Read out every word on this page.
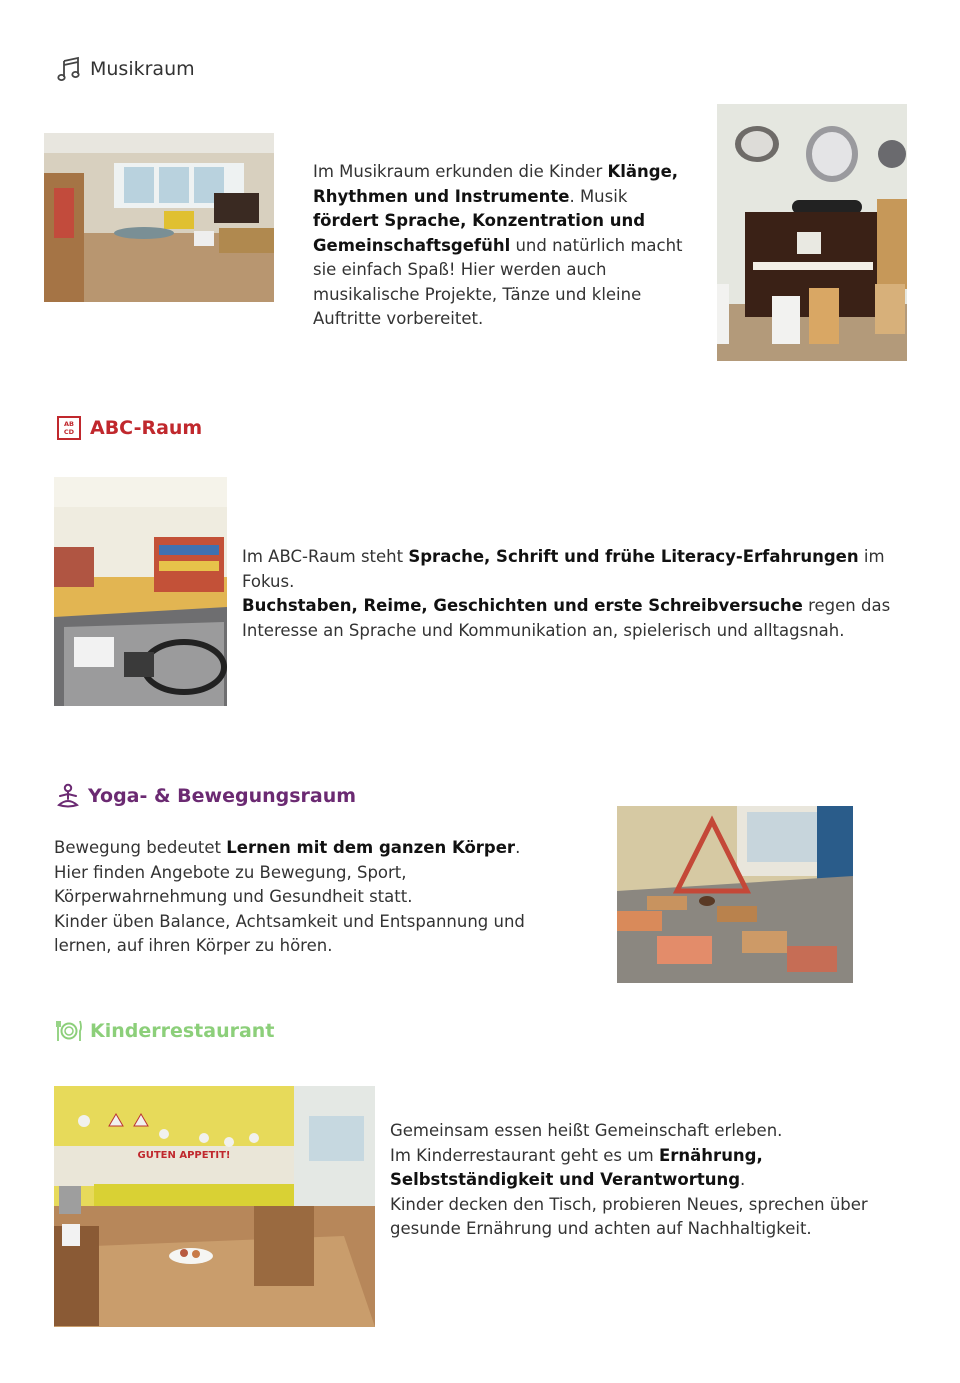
Musikraum
Im Musikraum erkunden die Kinder Klänge, Rhythmen und Instrumente. Musik fördert Sprache, Konzentration und Gemeinschaftsgefühl und natürlich macht sie einfach Spaß! Hier werden auch musikalische Projekte, Tänze und kleine Auftritte vorbereitet.
AB
CD ABC-Raum
Im ABC-Raum steht Sprache, Schrift und frühe Literacy-Erfahrungen im Fokus.
Buchstaben, Reime, Geschichten und erste Schreibversuche regen das Interesse an Sprache und Kommunikation an, spielerisch und alltagsnah.
Yoga- & Bewegungsraum
Bewegung bedeutet Lernen mit dem ganzen Körper.
Hier finden Angebote zu Bewegung, Sport, Körperwahrnehmung und Gesundheit statt.
Kinder üben Balance, Achtsamkeit und Entspannung und lernen, auf ihren Körper zu hören.
Kinderrestaurant
GUTEN APPETIT!
Gemeinsam essen heißt Gemeinschaft erleben.
Im Kinderrestaurant geht es um Ernährung, Selbstständigkeit und Verantwortung.
Kinder decken den Tisch, probieren Neues, sprechen über gesunde Ernährung und achten auf Nachhaltigkeit.
